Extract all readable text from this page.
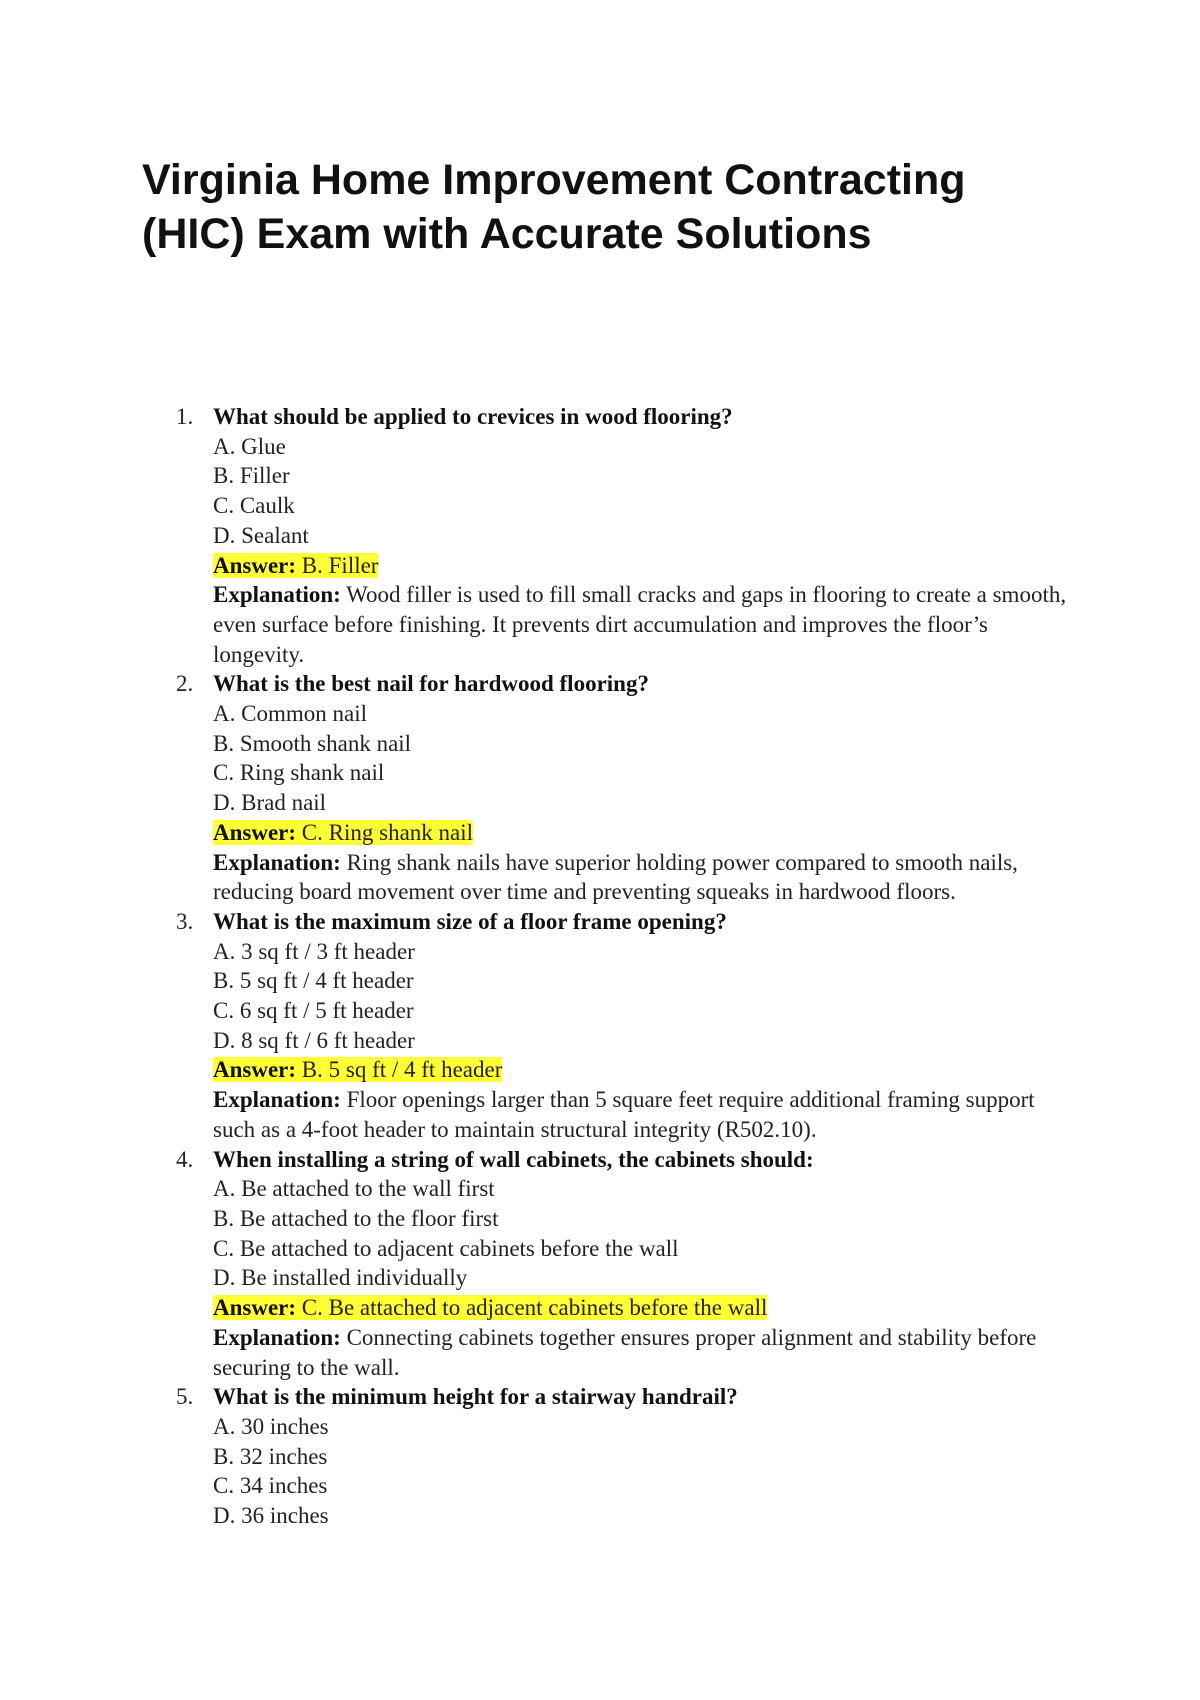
Virginia Home Improvement Contracting
(HIC) Exam with Accurate Solutions
1. What should be applied to crevices in wood flooring?
A. Glue
B. Filler
C. Caulk
D. Sealant
Answer: B. Filler
Explanation: Wood filler is used to fill small cracks and gaps in flooring to create a smooth, even surface before finishing. It prevents dirt accumulation and improves the floor’s longevity.
2. What is the best nail for hardwood flooring?
A. Common nail
B. Smooth shank nail
C. Ring shank nail
D. Brad nail
Answer: C. Ring shank nail
Explanation: Ring shank nails have superior holding power compared to smooth nails, reducing board movement over time and preventing squeaks in hardwood floors.
3. What is the maximum size of a floor frame opening?
A. 3 sq ft / 3 ft header
B. 5 sq ft / 4 ft header
C. 6 sq ft / 5 ft header
D. 8 sq ft / 6 ft header
Answer: B. 5 sq ft / 4 ft header
Explanation: Floor openings larger than 5 square feet require additional framing support such as a 4-foot header to maintain structural integrity (R502.10).
4. When installing a string of wall cabinets, the cabinets should:
A. Be attached to the wall first
B. Be attached to the floor first
C. Be attached to adjacent cabinets before the wall
D. Be installed individually
Answer: C. Be attached to adjacent cabinets before the wall
Explanation: Connecting cabinets together ensures proper alignment and stability before securing to the wall.
5. What is the minimum height for a stairway handrail?
A. 30 inches
B. 32 inches
C. 34 inches
D. 36 inches
